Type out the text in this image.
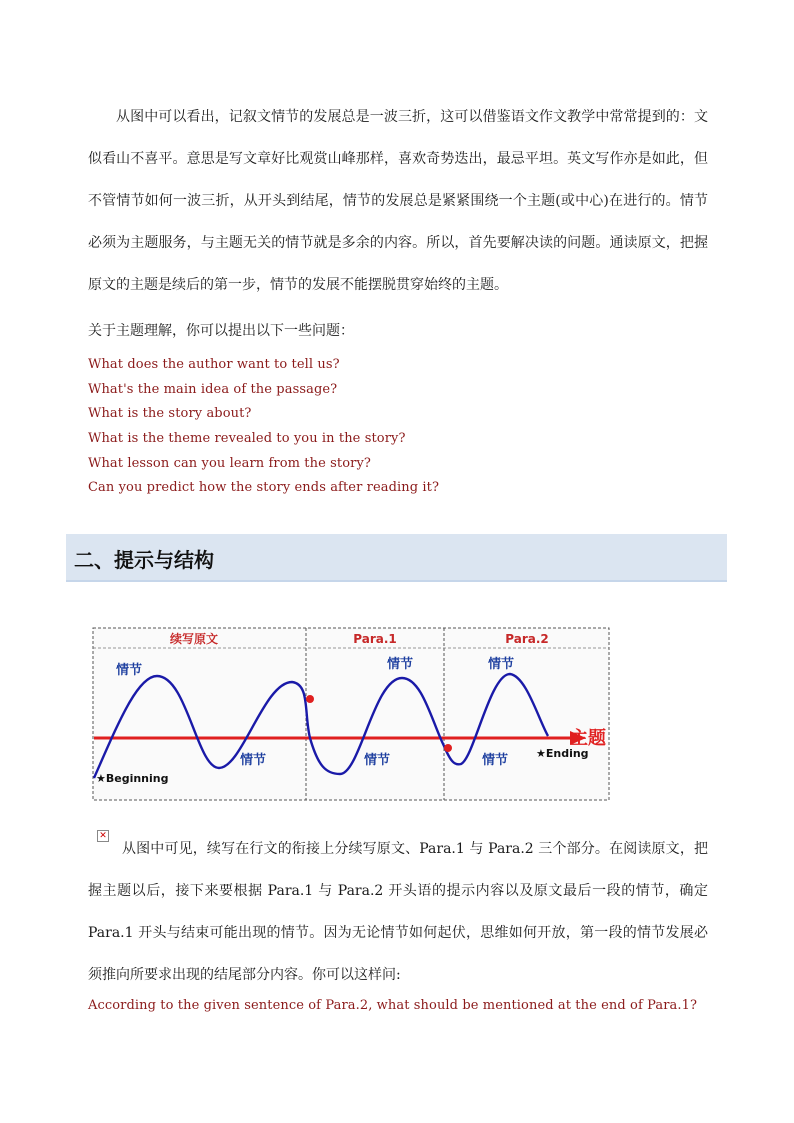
从图中可以看出，记叙文情节的发展总是一波三折，这可以借鉴语文作文教学中常常提到的：文似看山不喜平。意思是写文章好比观赏山峰那样，喜欢奇势迭出，最忌平坦。英文写作亦是如此，但不管情节如何一波三折，从开头到结尾，情节的发展总是紧紧围绕一个主题(或中心)在进行的。情节必须为主题服务，与主题无关的情节就是多余的内容。所以，首先要解决读的问题。通读原文，把握原文的主题是续后的第一步，情节的发展不能摆脱贯穿始终的主题。

关于主题理解，你可以提出以下一些问题：
What does the author want to tell us?
What's the main idea of the passage?
What is the story about?
What is the theme revealed to you in the story?
What lesson can you learn from the story?
Can you predict how the story ends after reading it?
二、提示与结构
续写原文	Para.1	Para.2
主题
情节
情节
情节
情节
情节
情节
★Beginning
★Ending
✕

从图中可见，续写在行文的衔接上分续写原文、Para.1 与 Para.2 三个部分。在阅读原文，把握主题以后，接下来要根据 Para.1 与 Para.2 开头语的提示内容以及原文最后一段的情节，确定 Para.1 开头与结束可能出现的情节。因为无论情节如何起伏，思维如何开放，第一段的情节发展必须推向所要求出现的结尾部分内容。你可以这样问:

According to the given sentence of Para.2, what should be mentioned at the end of Para.1?
